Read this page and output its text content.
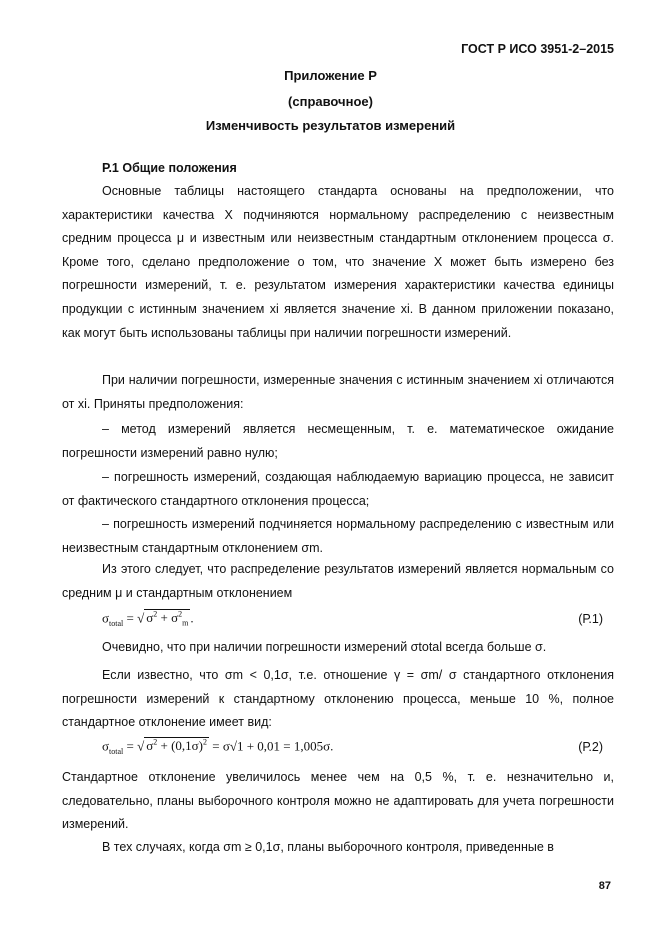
ГОСТ Р ИСО 3951-2–2015
Приложение Р
(справочное)
Изменчивость результатов измерений
Р.1 Общие положения

Основные таблицы настоящего стандарта основаны на предположении, что характеристики качества X подчиняются нормальному распределению с неизвестным средним процесса μ и известным или неизвестным стандартным отклонением процесса σ. Кроме того, сделано предположение о том, что значение X может быть измерено без погрешности измерений, т. е. результатом измерения характеристики качества единицы продукции с истинным значением xi является значение xi. В данном приложении показано, как могут быть использованы таблицы при наличии погрешности измерений.

При наличии погрешности, измеренные значения с истинным значением xi отличаются от xi. Приняты предположения:

– метод измерений является несмещенным, т. е. математическое ожидание погрешности измерений равно нулю;

– погрешность измерений, создающая наблюдаемую вариацию процесса, не зависит от фактического стандартного отклонения процесса;

– погрешность измерений подчиняется нормальному распределению с известным или неизвестным стандартным отклонением σm.

Из этого следует, что распределение результатов измерений является нормальным со средним μ и стандартным отклонением

$\sigma_{total}$ = √ $\sigma^2 + \sigma^2_m$ .	(Р.1)

Очевидно, что при наличии погрешности измерений σtotal всегда больше σ.

Если известно, что σm < 0,1σ, т.е. отношение γ = σm/ σ стандартного отклонения погрешности измерений к стандартному отклонению процесса, меньше 10 %, полное стандартное отклонение имеет вид:

$\sigma_{total}$ = √ $\sigma^2 + (0,1\sigma)^2 = \sigma√1 + 0,01 = 1,005\sigma$.	(Р.2)

Стандартное отклонение увеличилось менее чем на 0,5 %, т. е. незначительно и, следовательно, планы выборочного контроля можно не адаптировать для учета погрешности измерений.

В тех случаях, когда σm ≥ 0,1σ, планы выборочного контроля, приведенные в

87
